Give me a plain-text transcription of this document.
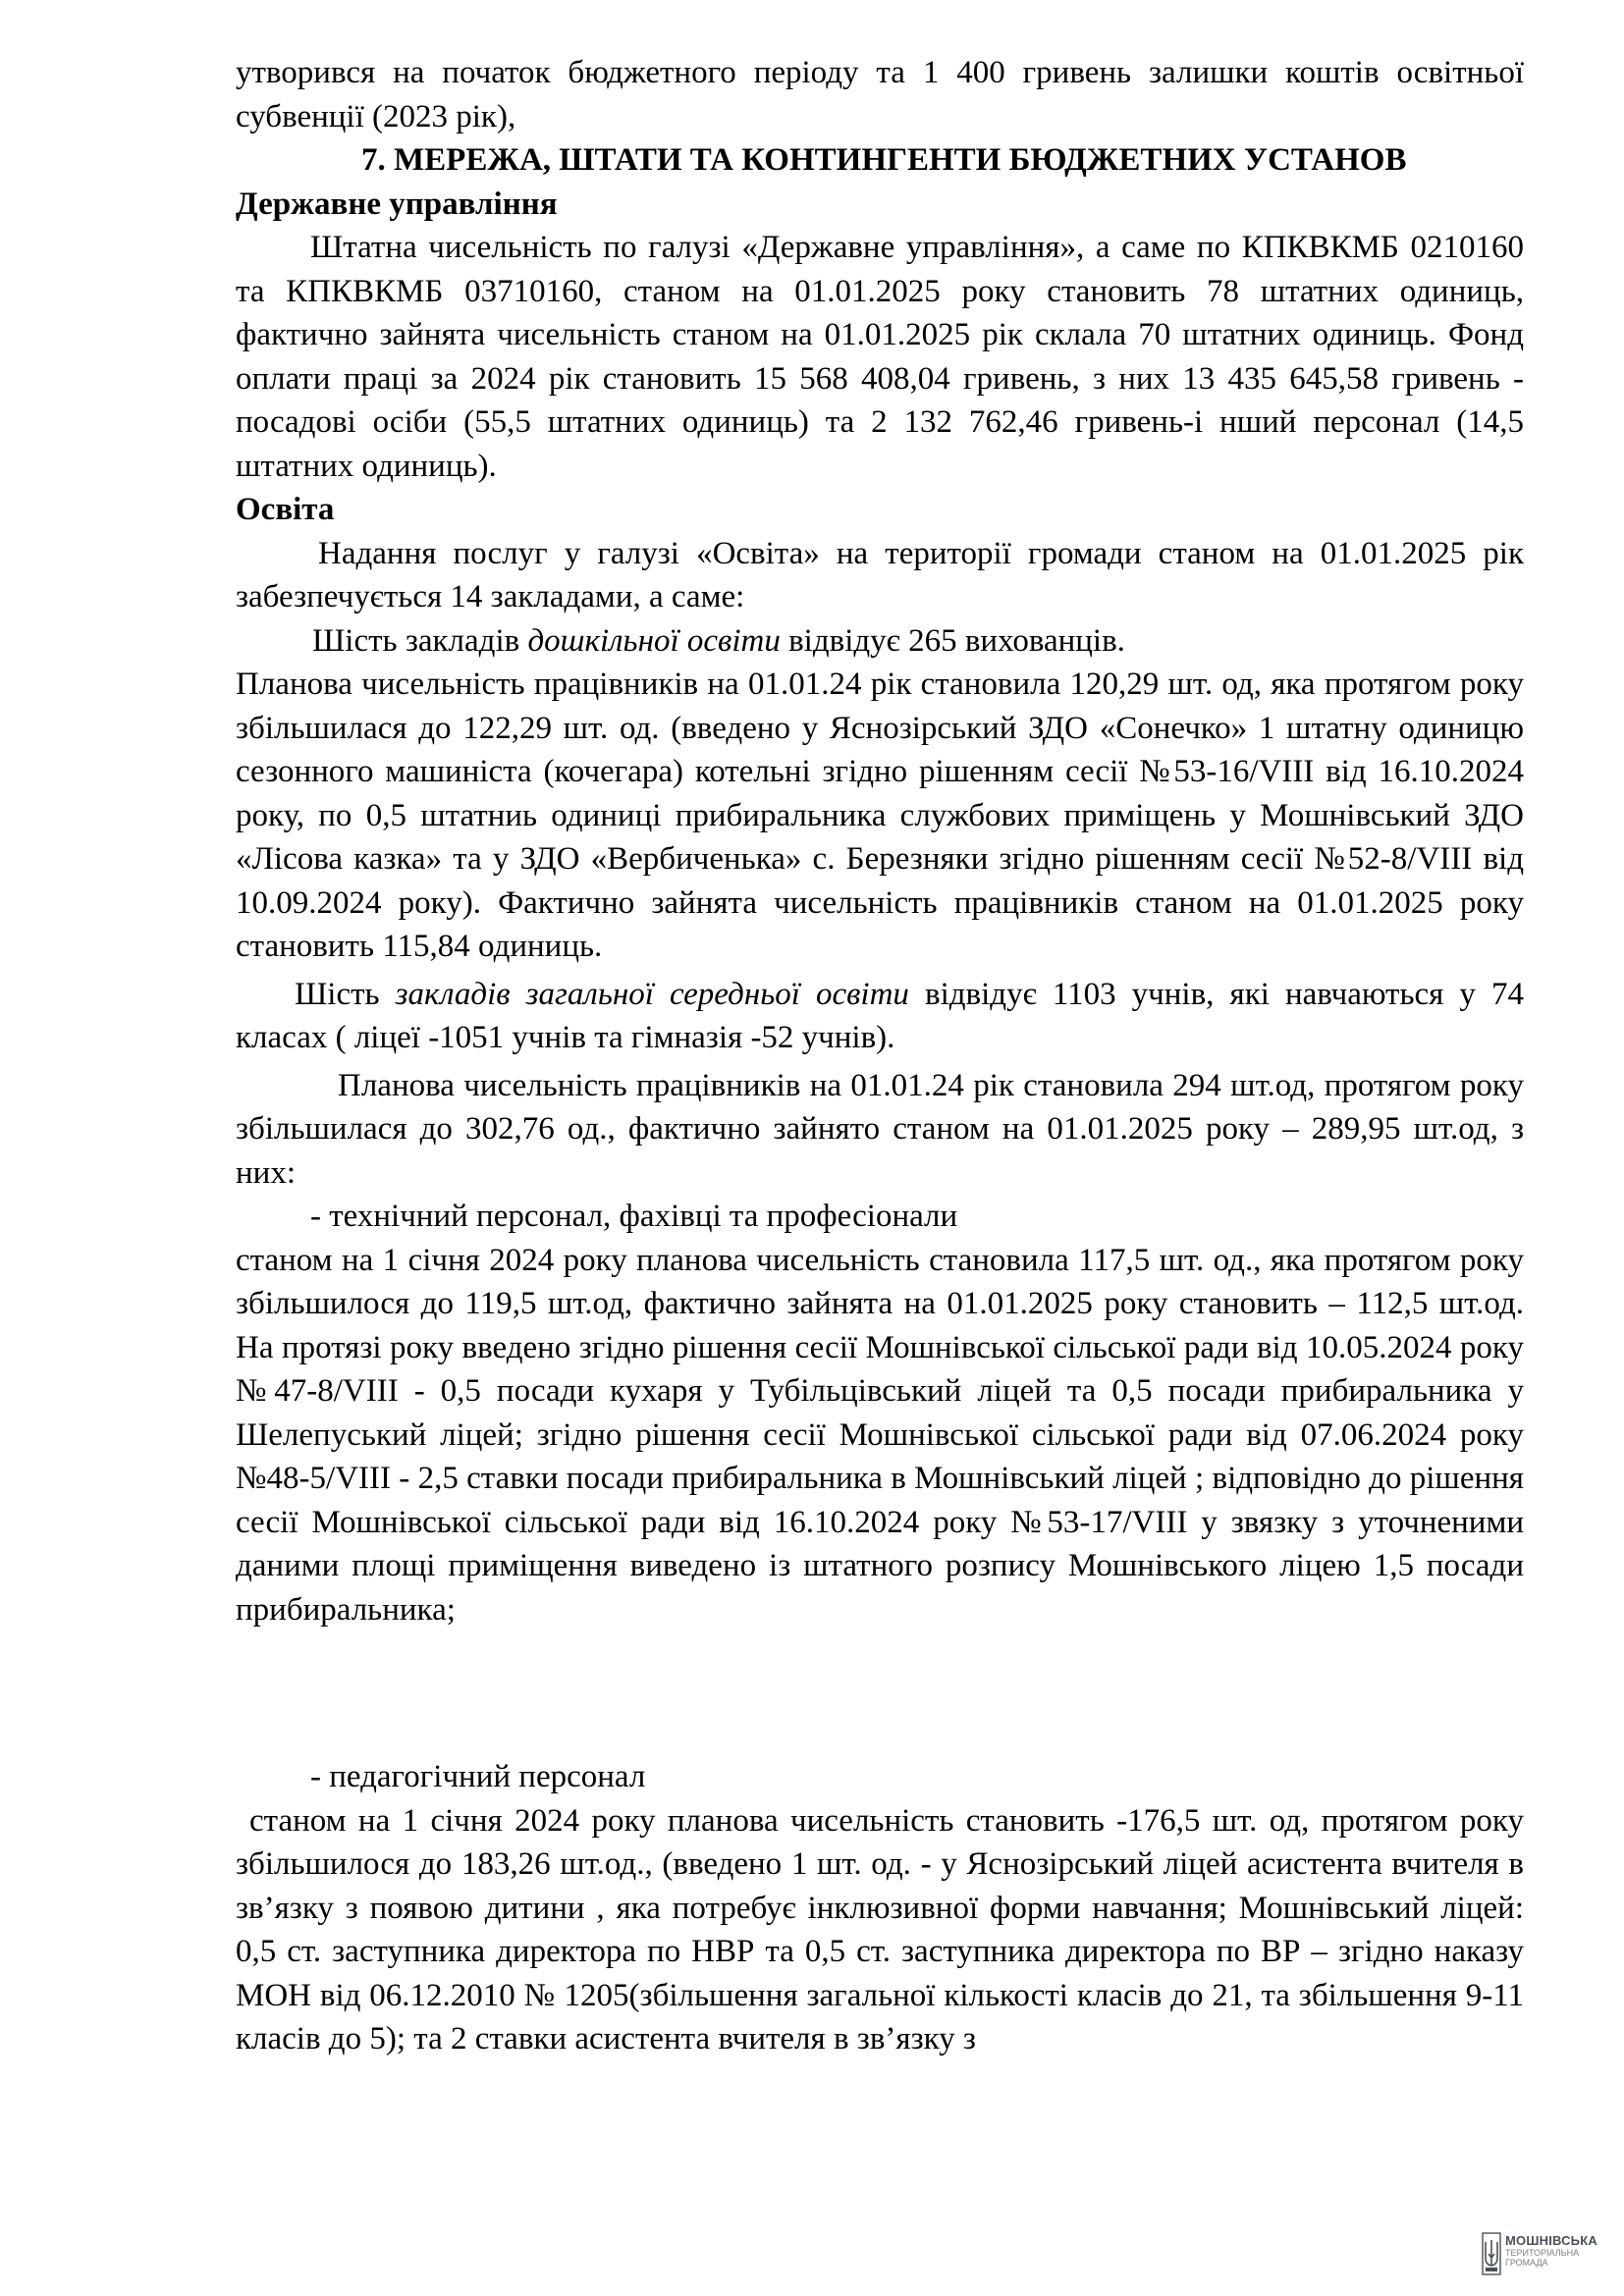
утворився на початок бюджетного періоду та 1 400 гривень залишки коштів освітньої субвенції (2023 рік),

7. МЕРЕЖА, ШТАТИ ТА КОНТИНГЕНТИ БЮДЖЕТНИХ УСТАНОВ

Державне управління

Штатна чисельність по галузі «Державне управління», а саме по КПКВКМБ 0210160 та КПКВКМБ 03710160, станом на 01.01.2025 року становить 78 штатних одиниць, фактично зайнята чисельність станом на 01.01.2025 рік склала 70 штатних одиниць. Фонд оплати праці за 2024 рік становить 15 568 408,04 гривень, з них 13 435 645,58 гривень - посадові осіби (55,5 штатних одиниць) та 2 132 762,46 гривень-і нший персонал (14,5 штатних одиниць).

Освіта

Надання послуг у галузі «Освіта» на території громади станом на 01.01.2025 рік забезпечується 14 закладами, а саме:

Шість закладів дошкільної освіти відвідує 265 вихованців.

Планова чисельність працівників на 01.01.24 рік становила 120,29 шт. од, яка протягом року збільшилася до 122,29 шт. од. (введено у Яснозірський ЗДО «Сонечко» 1 штатну одиницю сезонного машиніста (кочегара) котельні згідно рішенням сесії №53-16/VIII від 16.10.2024 року, по 0,5 штатниь одиниці прибиральника службових приміщень у Мошнівський ЗДО «Лісова казка» та у ЗДО «Вербиченька» с. Березняки згідно рішенням сесії №52-8/VIII від 10.09.2024 року). Фактично зайнята чисельність працівників станом на 01.01.2025 року становить 115,84 одиниць.

Шість закладів загальної середньої освіти відвідує 1103 учнів, які навчаються у 74 класах ( ліцеї -1051 учнів та гімназія -52 учнів).

Планова чисельність працівників на 01.01.24 рік становила 294 шт.од, протягом року збільшилася до 302,76 од., фактично зайнято станом на 01.01.2025 року – 289,95 шт.од, з них:

- технічний персонал, фахівці та професіонали

станом на 1 січня 2024 року планова чисельність становила 117,5 шт. од., яка протягом року збільшилося до 119,5 шт.од, фактично зайнята на 01.01.2025 року становить – 112,5 шт.од. На протязі року введено згідно рішення сесії Мошнівської сільської ради від 10.05.2024 року №47-8/VIII - 0,5 посади кухаря у Тубільцівський ліцей та 0,5 посади прибиральника у Шелепуський ліцей; згідно рішення сесії Мошнівської сільської ради від 07.06.2024 року №48-5/VIII - 2,5 ставки посади прибиральника в Мошнівський ліцей ; відповідно до рішення сесії Мошнівської сільської ради від 16.10.2024 року №53-17/VIII у звязку з уточненими даними площі приміщення виведено із штатного розпису Мошнівського ліцею 1,5 посади прибиральника;

- педагогічний персонал

станом на 1 січня 2024 року планова чисельність становить -176,5 шт. од, протягом року збільшилося до 183,26 шт.од., (введено 1 шт. од. - у Яснозірський ліцей асистента вчителя в зв’язку з появою дитини , яка потребує інклюзивної форми навчання; Мошнівський ліцей: 0,5 ст. заступника директора по НВР та 0,5 ст. заступника директора по ВР – згідно наказу МОН від 06.12.2010 № 1205(збільшення загальної кількості класів до 21, та збільшення 9-11 класів до 5); та 2 ставки асистента вчителя в зв’язку з

МОШНІВСЬКА
ТЕРИТОРІАЛЬНА
ГРОМАДА
